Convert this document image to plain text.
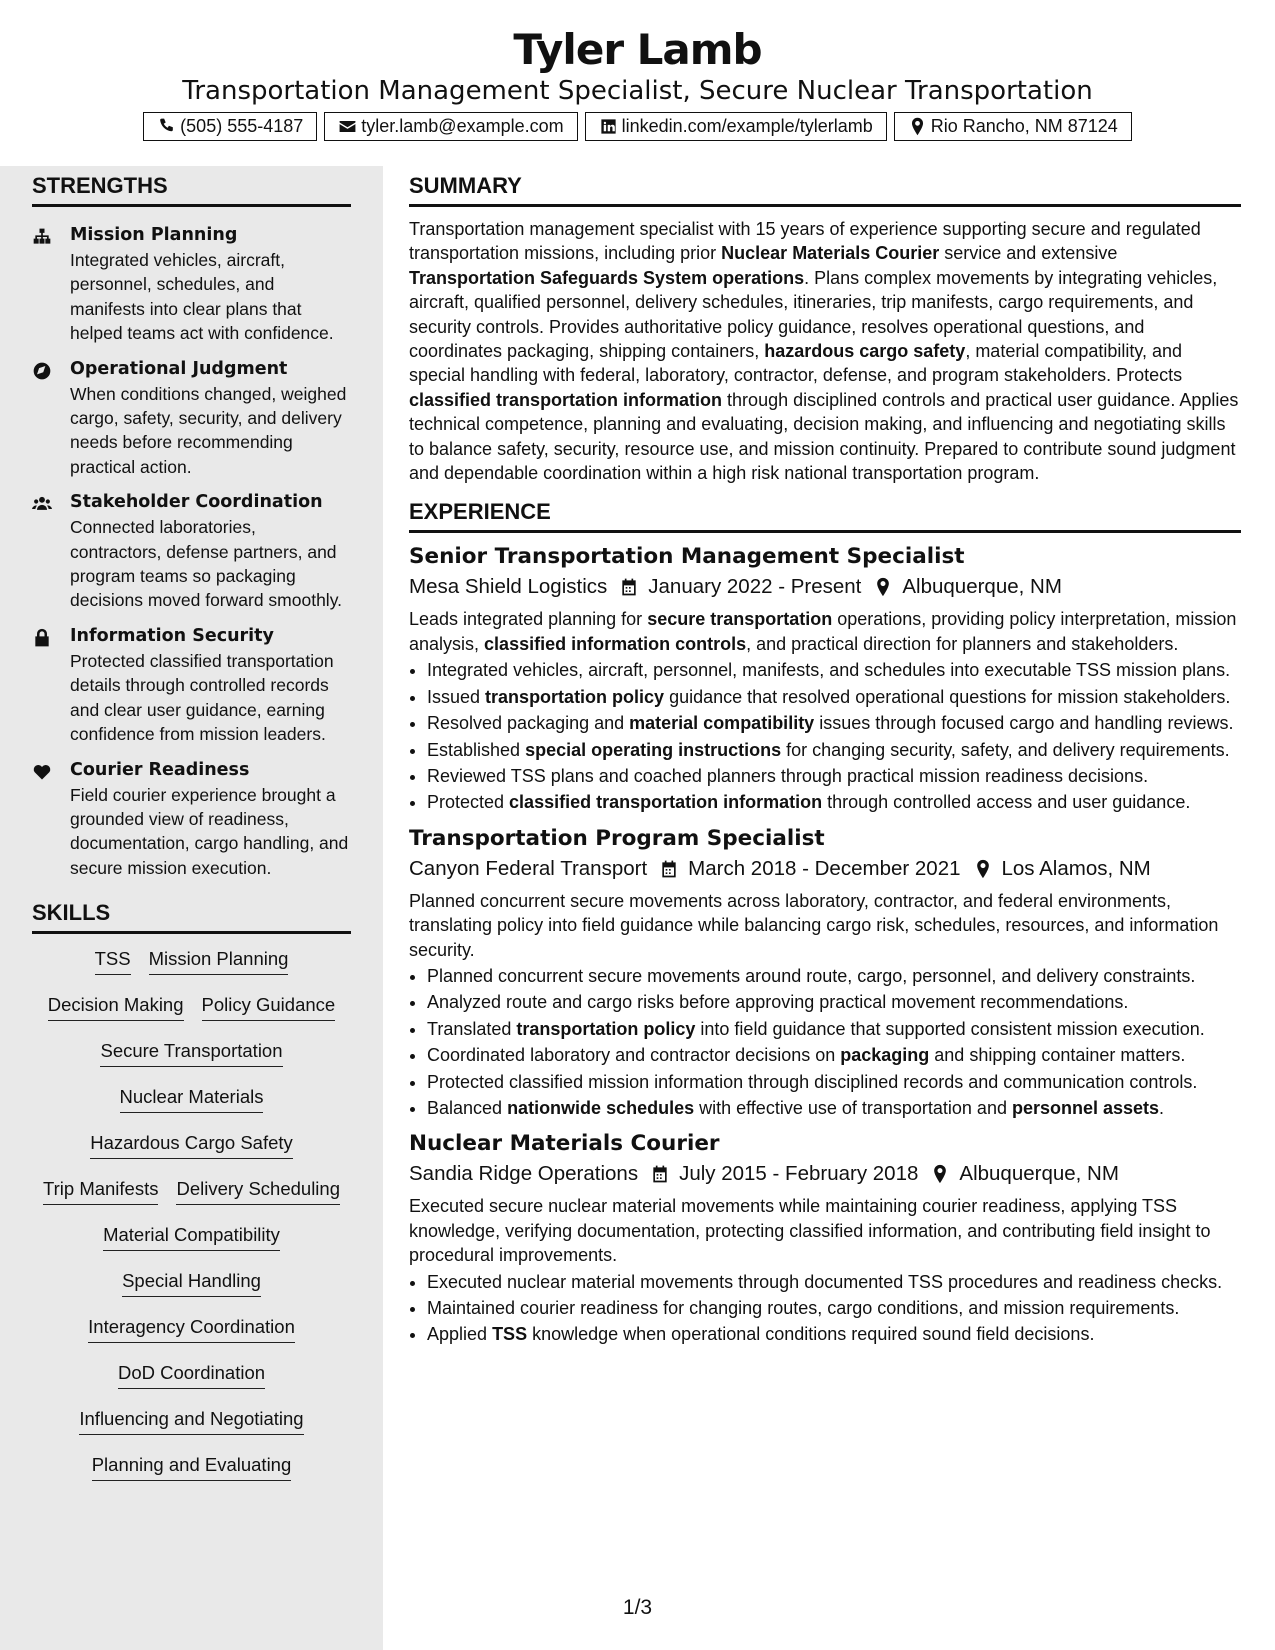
Tyler Lamb
Transportation Management Specialist, Secure Nuclear Transportation
(505) 555-4187	tyler.lamb@example.com	linkedin.com/example/tylerlamb	Rio Rancho, NM 87124
STRENGTHS
Mission Planning
Integrated vehicles, aircraft, personnel, schedules, and manifests into clear plans that helped teams act with confidence.
Operational Judgment
When conditions changed, weighed cargo, safety, security, and delivery needs before recommending practical action.
Stakeholder Coordination
Connected laboratories, contractors, defense partners, and program teams so packaging decisions moved forward smoothly.
Information Security
Protected classified transportation details through controlled records and clear user guidance, earning confidence from mission leaders.
Courier Readiness
Field courier experience brought a grounded view of readiness, documentation, cargo handling, and secure mission execution.
SKILLS
TSS Mission Planning
Decision Making Policy Guidance
Secure Transportation
Nuclear Materials
Hazardous Cargo Safety
Trip Manifests Delivery Scheduling
Material Compatibility
Special Handling
Interagency Coordination
DoD Coordination
Influencing and Negotiating
Planning and Evaluating
SUMMARY
Transportation management specialist with 15 years of experience supporting secure and regulated transportation missions, including prior Nuclear Materials Courier service and extensive Transportation Safeguards System operations. Plans complex movements by integrating vehicles, aircraft, qualified personnel, delivery schedules, itineraries, trip manifests, cargo requirements, and security controls. Provides authoritative policy guidance, resolves operational questions, and coordinates packaging, shipping containers, hazardous cargo safety, material compatibility, and special handling with federal, laboratory, contractor, defense, and program stakeholders. Protects classified transportation information through disciplined controls and practical user guidance. Applies technical competence, planning and evaluating, decision making, and influencing and negotiating skills to balance safety, security, resource use, and mission continuity. Prepared to contribute sound judgment and dependable coordination within a high risk national transportation program.
EXPERIENCE
Senior Transportation Management Specialist
Mesa Shield Logistics January 2022 - Present Albuquerque, NM
Leads integrated planning for secure transportation operations, providing policy interpretation, mission analysis, classified information controls, and practical direction for planners and stakeholders.
• Integrated vehicles, aircraft, personnel, manifests, and schedules into executable TSS mission plans.
• Issued transportation policy guidance that resolved operational questions for mission stakeholders.
• Resolved packaging and material compatibility issues through focused cargo and handling reviews.
• Established special operating instructions for changing security, safety, and delivery requirements.
• Reviewed TSS plans and coached planners through practical mission readiness decisions.
• Protected classified transportation information through controlled access and user guidance.
Transportation Program Specialist
Canyon Federal Transport March 2018 - December 2021 Los Alamos, NM
Planned concurrent secure movements across laboratory, contractor, and federal environments, translating policy into field guidance while balancing cargo risk, schedules, resources, and information security.
• Planned concurrent secure movements around route, cargo, personnel, and delivery constraints.
• Analyzed route and cargo risks before approving practical movement recommendations.
• Translated transportation policy into field guidance that supported consistent mission execution.
• Coordinated laboratory and contractor decisions on packaging and shipping container matters.
• Protected classified mission information through disciplined records and communication controls.
• Balanced nationwide schedules with effective use of transportation and personnel assets.
Nuclear Materials Courier
Sandia Ridge Operations July 2015 - February 2018 Albuquerque, NM
Executed secure nuclear material movements while maintaining courier readiness, applying TSS knowledge, verifying documentation, protecting classified information, and contributing field insight to procedural improvements.
• Executed nuclear material movements through documented TSS procedures and readiness checks.
• Maintained courier readiness for changing routes, cargo conditions, and mission requirements.
• Applied TSS knowledge when operational conditions required sound field decisions.
1/3
